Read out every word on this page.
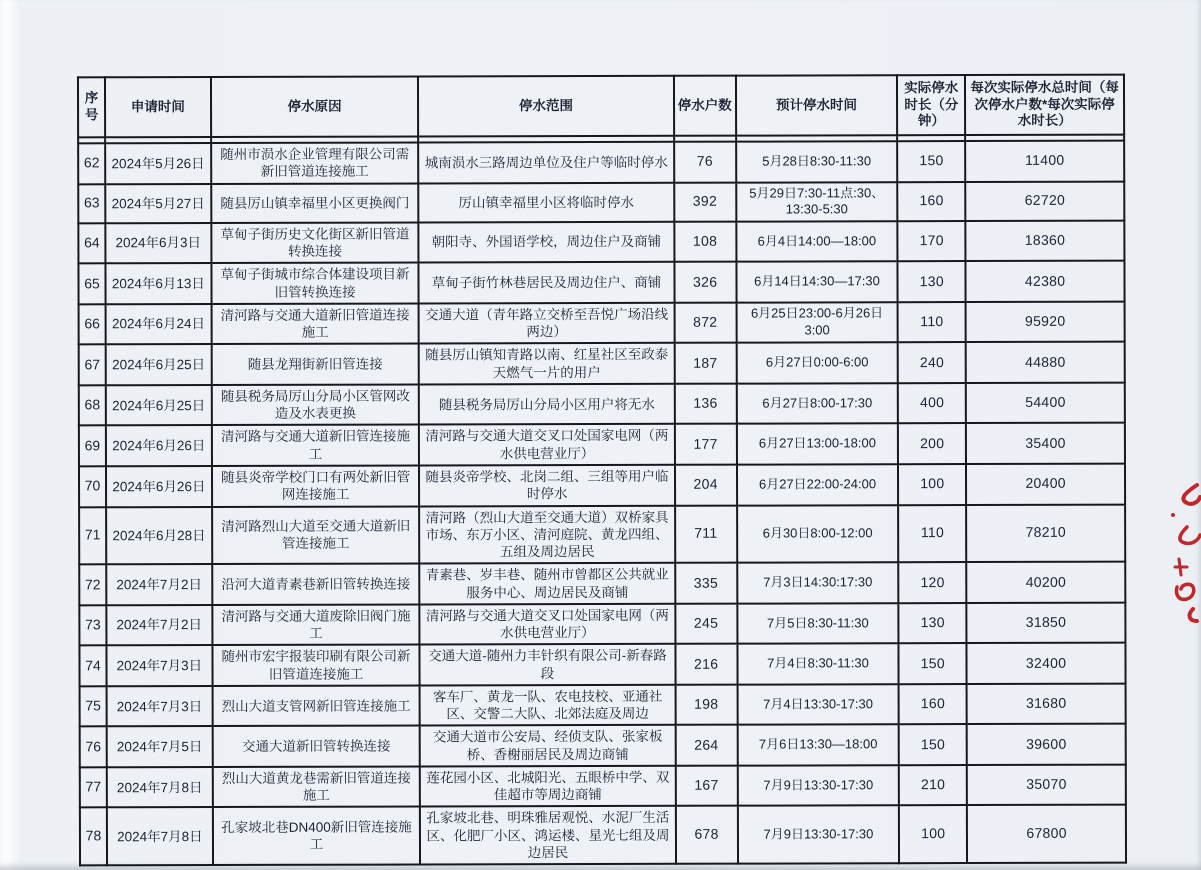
序号	申请时间	停水原因	停水范围	停水户数	预计停水时间	实际停水时长（分钟）	每次实际停水总时间（每次停水户数*每次实际停水时长）

62	2024年5月26日	随州市涢水企业管理有限公司需新旧管道连接施工	城南涢水三路周边单位及住户等临时停水	76	5月28日8:30-11:30	150	11400
63	2024年5月27日	随县厉山镇幸福里小区更换阀门	厉山镇幸福里小区将临时停水	392	5月29日7:30-11点:30、13:30-5:30	160	62720
64	2024年6月3日	草甸子街历史文化街区新旧管道转换连接	朝阳寺、外国语学校，周边住户及商铺	108	6月4日14:00—18:00	170	18360
65	2024年6月13日	草甸子街城市综合体建设项目新旧管转换连接	草甸子街竹林巷居民及周边住户、商铺	326	6月14日14:30—17:30	130	42380
66	2024年6月24日	清河路与交通大道新旧管道连接施工	交通大道（青年路立交桥至吾悦广场沿线两边）	872	6月25日23:00-6月26日3:00	110	95920
67	2024年6月25日	随县龙翔街新旧管连接	随县厉山镇知青路以南、红星社区至政泰天燃气一片的用户	187	6月27日0:00-6:00	240	44880
68	2024年6月25日	随县税务局厉山分局小区管网改造及水表更换	随县税务局厉山分局小区用户将无水	136	6月27日8:00-17:30	400	54400
69	2024年6月26日	清河路与交通大道新旧管连接施工	清河路与交通大道交叉口处国家电网（两水供电营业厅）	177	6月27日13:00-18:00	200	35400
70	2024年6月26日	随县炎帝学校门口有两处新旧管网连接施工	随县炎帝学校、北岗二组、三组等用户临时停水	204	6月27日22:00-24:00	100	20400
71	2024年6月28日	清河路烈山大道至交通大道新旧管连接施工	清河路（烈山大道至交通大道）双桥家具市场、东万小区、清河庭院、黄龙四组、五组及周边居民	711	6月30日8:00-12:00	110	78210
72	2024年7月2日	沿河大道青素巷新旧管转换连接	青素巷、岁丰巷、随州市曾都区公共就业服务中心、周边居民及商铺	335	7月3日14:30:17:30	120	40200
73	2024年7月2日	清河路与交通大道废除旧阀门施工	清河路与交通大道交叉口处国家电网（两水供电营业厅）	245	7月5日8:30-11:30	130	31850
74	2024年7月3日	随州市宏宇报装印刷有限公司新旧管道连接施工	交通大道-随州力丰针织有限公司-新春路段	216	7月4日8:30-11:30	150	32400
75	2024年7月3日	烈山大道支管网新旧管连接施工	客车厂、黄龙一队、农电技校、亚通社区、交警二大队、北郊法庭及周边	198	7月4日13:30-17:30	160	31680
76	2024年7月5日	交通大道新旧管转换连接	交通大道市公安局、经侦支队、张家板桥、香榭丽居民及周边商铺	264	7月6日13:30—18:00	150	39600
77	2024年7月8日	烈山大道黄龙巷需新旧管道连接施工	莲花园小区、北城阳光、五眼桥中学、双佳超市等周边商铺	167	7月9日13:30-17:30	210	35070
78	2024年7月8日	孔家坡北巷DN400新旧管连接施工	孔家坡北巷、明珠雅居观悦、水泥厂生活区、化肥厂小区、鸿运楼、星光七组及周边居民	678	7月9日13:30-17:30	100	67800
